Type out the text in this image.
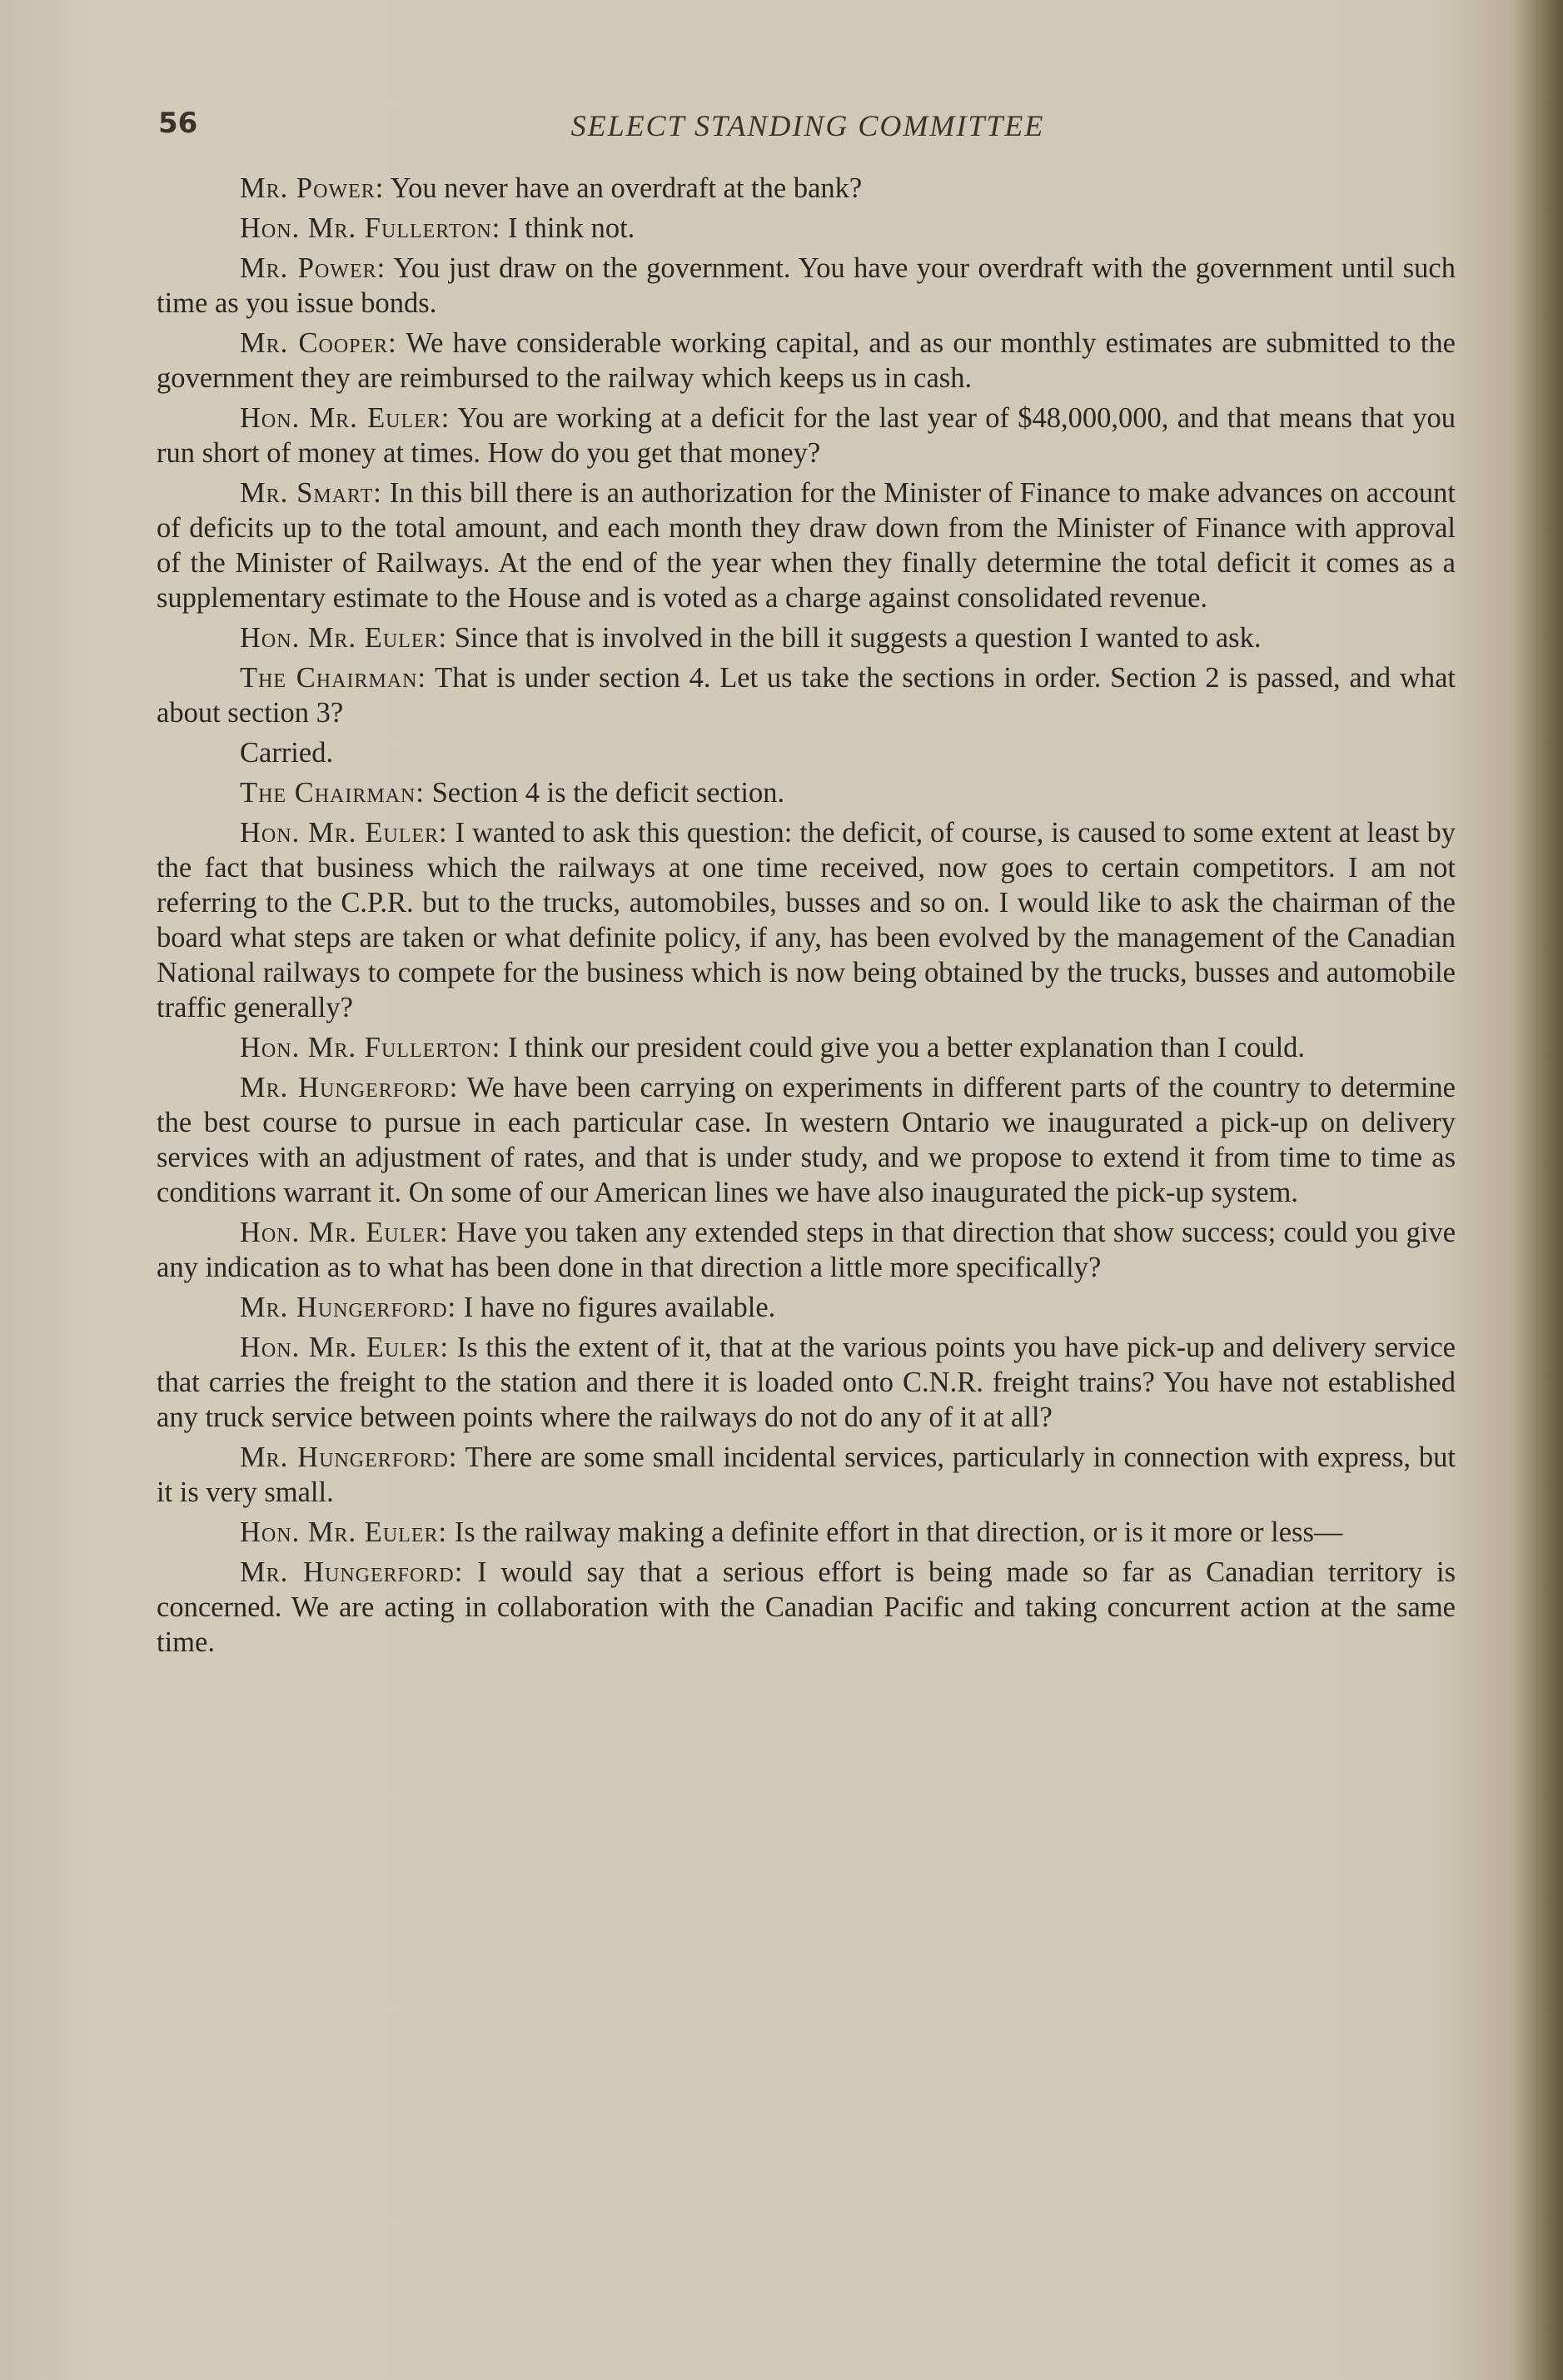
56	SELECT STANDING COMMITTEE

Mr. Power: You never have an overdraft at the bank?

Hon. Mr. Fullerton: I think not.

Mr. Power: You just draw on the government. You have your overdraft with the government until such time as you issue bonds.

Mr. Cooper: We have considerable working capital, and as our monthly estimates are submitted to the government they are reimbursed to the railway which keeps us in cash.

Hon. Mr. Euler: You are working at a deficit for the last year of $48,000,000, and that means that you run short of money at times. How do you get that money?

Mr. Smart: In this bill there is an authorization for the Minister of Finance to make advances on account of deficits up to the total amount, and each month they draw down from the Minister of Finance with approval of the Minister of Railways. At the end of the year when they finally determine the total deficit it comes as a supplementary estimate to the House and is voted as a charge against consolidated revenue.

Hon. Mr. Euler: Since that is involved in the bill it suggests a question I wanted to ask.

The Chairman: That is under section 4. Let us take the sections in order. Section 2 is passed, and what about section 3?

Carried.

The Chairman: Section 4 is the deficit section.

Hon. Mr. Euler: I wanted to ask this question: the deficit, of course, is caused to some extent at least by the fact that business which the railways at one time received, now goes to certain competitors. I am not referring to the C.P.R. but to the trucks, automobiles, busses and so on. I would like to ask the chairman of the board what steps are taken or what definite policy, if any, has been evolved by the management of the Canadian National railways to compete for the business which is now being obtained by the trucks, busses and automobile traffic generally?

Hon. Mr. Fullerton: I think our president could give you a better explanation than I could.

Mr. Hungerford: We have been carrying on experiments in different parts of the country to determine the best course to pursue in each particular case. In western Ontario we inaugurated a pick-up on delivery services with an adjustment of rates, and that is under study, and we propose to extend it from time to time as conditions warrant it. On some of our American lines we have also inaugurated the pick-up system.

Hon. Mr. Euler: Have you taken any extended steps in that direction that show success; could you give any indication as to what has been done in that direction a little more specifically?

Mr. Hungerford: I have no figures available.

Hon. Mr. Euler: Is this the extent of it, that at the various points you have pick-up and delivery service that carries the freight to the station and there it is loaded onto C.N.R. freight trains? You have not established any truck service between points where the railways do not do any of it at all?

Mr. Hungerford: There are some small incidental services, particularly in connection with express, but it is very small.

Hon. Mr. Euler: Is the railway making a definite effort in that direction, or is it more or less—

Mr. Hungerford: I would say that a serious effort is being made so far as Canadian territory is concerned. We are acting in collaboration with the Canadian Pacific and taking concurrent action at the same time.
